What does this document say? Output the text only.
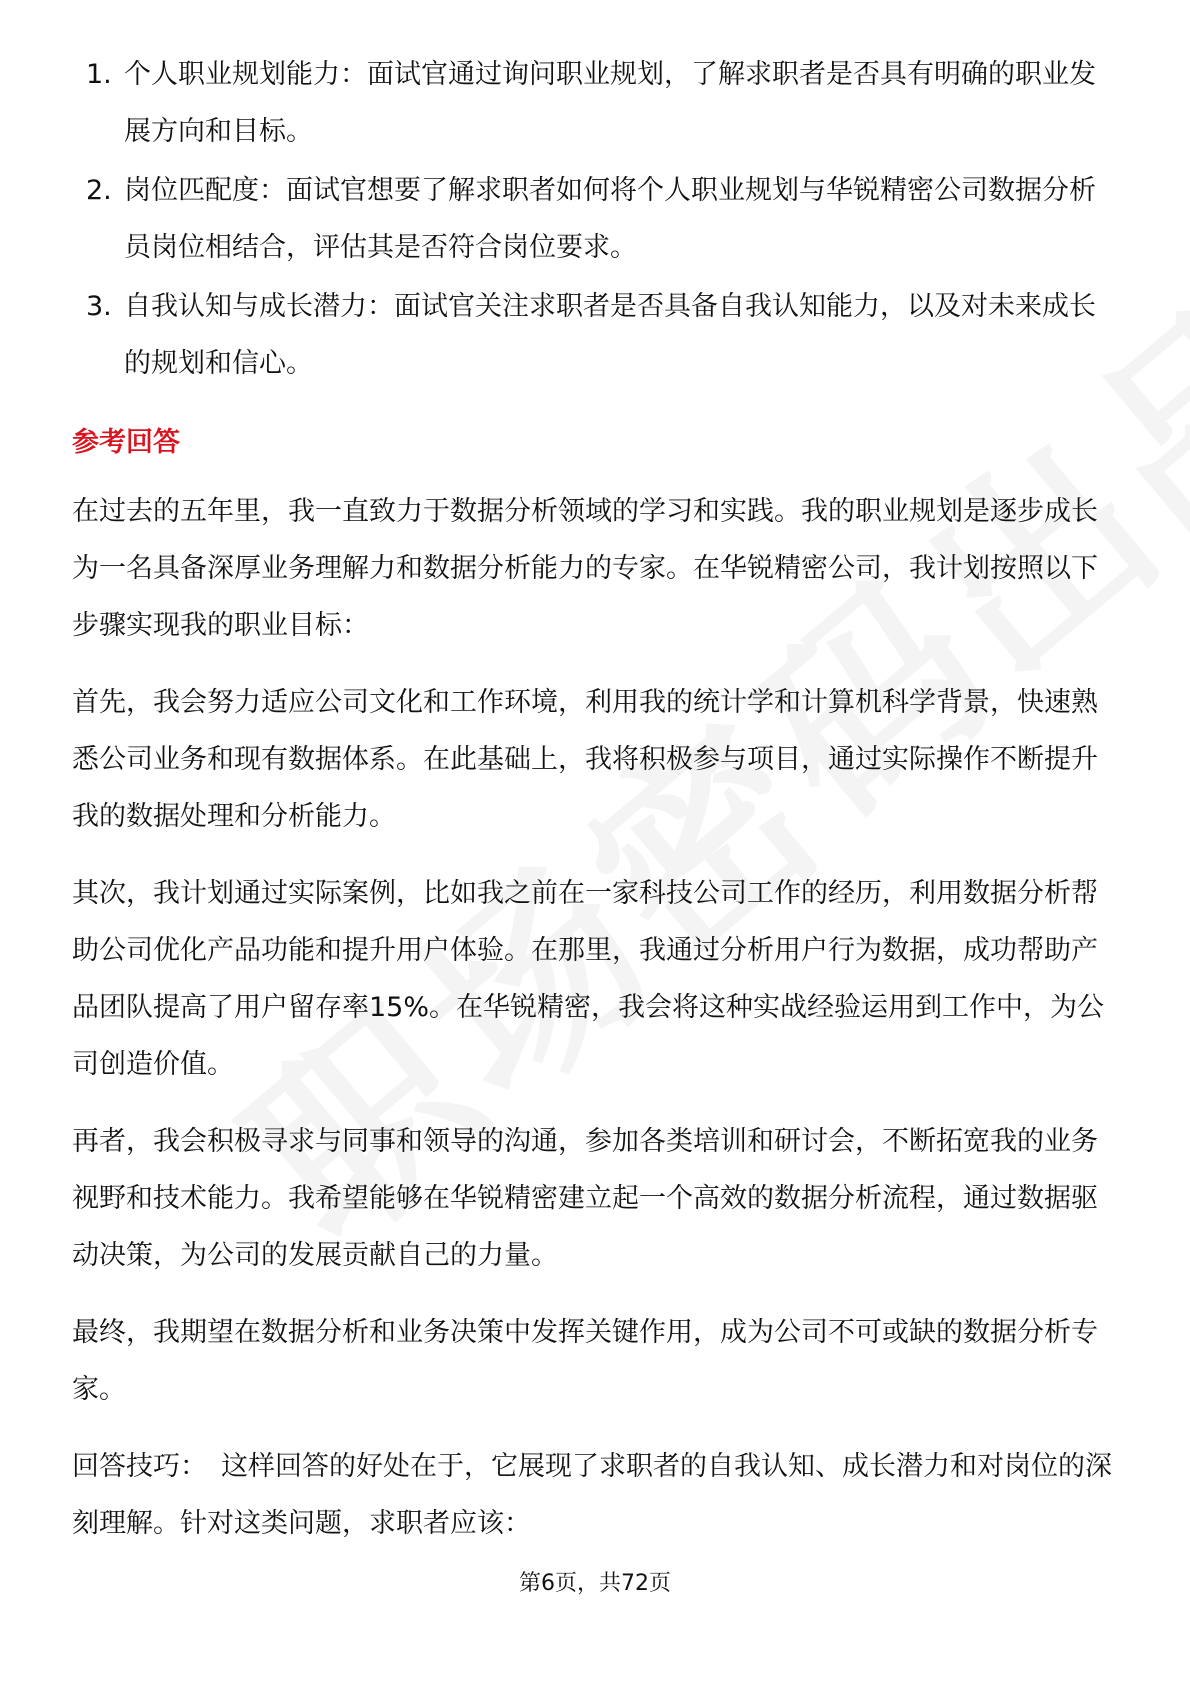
1. 个人职业规划能力：面试官通过询问职业规划，了解求职者是否具有明确的职业发展方向和目标。
2. 岗位匹配度：面试官想要了解求职者如何将个人职业规划与华锐精密公司数据分析员岗位相结合，评估其是否符合岗位要求。
3. 自我认知与成长潜力：面试官关注求职者是否具备自我认知能力，以及对未来成长的规划和信心。
参考回答

在过去的五年里，我一直致力于数据分析领域的学习和实践。我的职业规划是逐步成长为一名具备深厚业务理解力和数据分析能力的专家。在华锐精密公司，我计划按照以下步骤实现我的职业目标：

首先，我会努力适应公司文化和工作环境，利用我的统计学和计算机科学背景，快速熟悉公司业务和现有数据体系。在此基础上，我将积极参与项目，通过实际操作不断提升我的数据处理和分析能力。

其次，我计划通过实际案例，比如我之前在一家科技公司工作的经历，利用数据分析帮助公司优化产品功能和提升用户体验。在那里，我通过分析用户行为数据，成功帮助产品团队提高了用户留存率15%。在华锐精密，我会将这种实战经验运用到工作中，为公司创造价值。

再者，我会积极寻求与同事和领导的沟通，参加各类培训和研讨会，不断拓宽我的业务视野和技术能力。我希望能够在华锐精密建立起一个高效的数据分析流程，通过数据驱动决策，为公司的发展贡献自己的力量。

最终，我期望在数据分析和业务决策中发挥关键作用，成为公司不可或缺的数据分析专家。

回答技巧： 这样回答的好处在于，它展现了求职者的自我认知、成长潜力和对岗位的深刻理解。针对这类问题，求职者应该：

第6页，共72页
